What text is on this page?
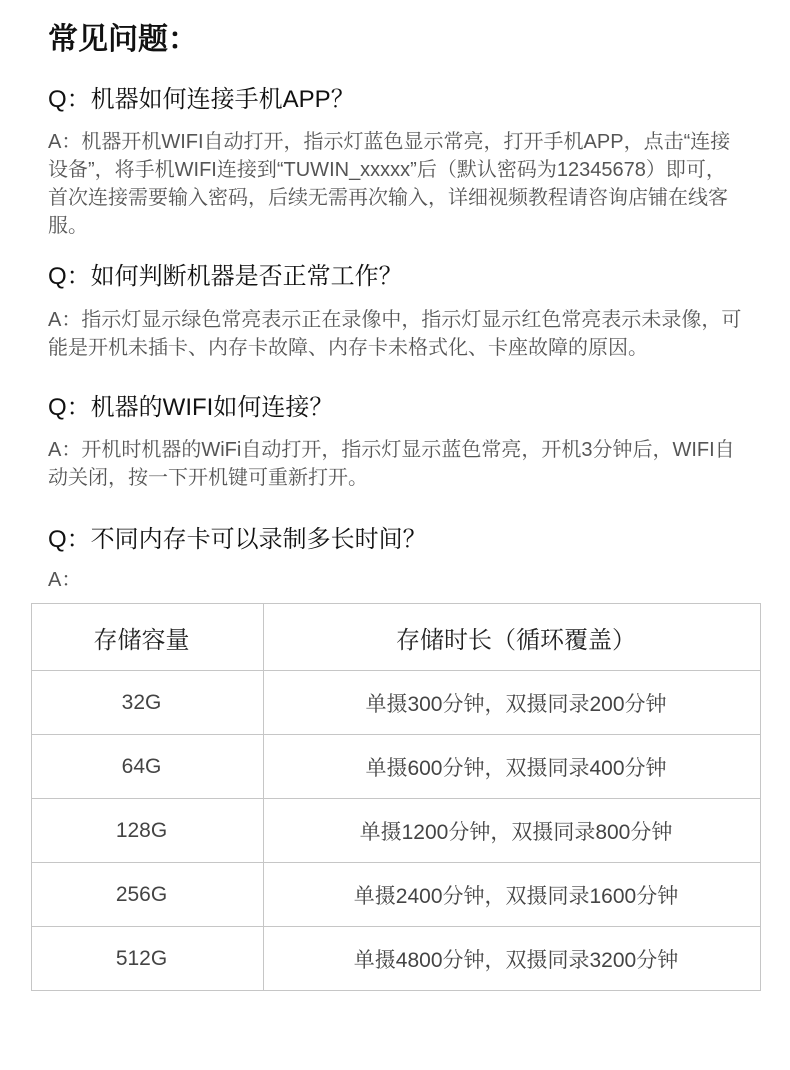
常见问题：
Q：机器如何连接手机APP？
A：机器开机WIFI自动打开，指示灯蓝色显示常亮，打开手机APP，点击“连接
设备”，将手机WIFI连接到“TUWIN_xxxxx”后（默认密码为12345678）即可，
首次连接需要输入密码，后续无需再次输入，详细视频教程请咨询店铺在线客
服。
Q：如何判断机器是否正常工作？
A：指示灯显示绿色常亮表示正在录像中，指示灯显示红色常亮表示未录像，可
能是开机未插卡、内存卡故障、内存卡未格式化、卡座故障的原因。
Q：机器的WIFI如何连接？
A：开机时机器的WiFi自动打开，指示灯显示蓝色常亮，开机3分钟后，WIFI自
动关闭，按一下开机键可重新打开。
Q：不同内存卡可以录制多长时间？
A：
存储容量	存储时长（循环覆盖）
32G	单摄300分钟，双摄同录200分钟
64G	单摄600分钟，双摄同录400分钟
128G	单摄1200分钟，双摄同录800分钟
256G	单摄2400分钟，双摄同录1600分钟
512G	单摄4800分钟，双摄同录3200分钟
